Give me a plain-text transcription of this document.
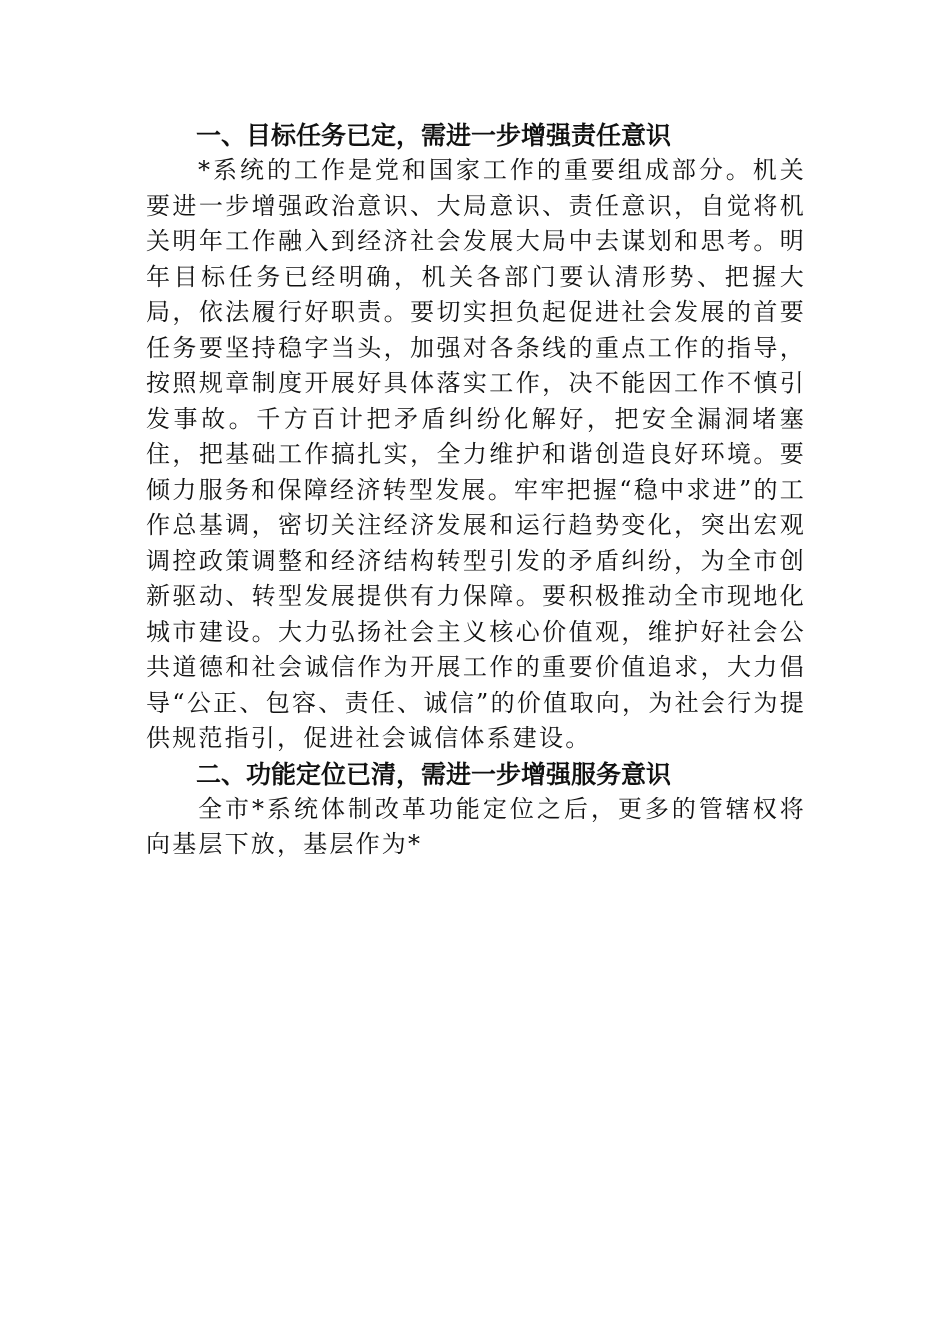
一、目标任务已定，需进一步增强责任意识

*系统的工作是党和国家工作的重要组成部分。机关要进一步增强政治意识、大局意识、责任意识，自觉将机关明年工作融入到经济社会发展大局中去谋划和思考。明年目标任务已经明确，机关各部门要认清形势、把握大局，依法履行好职责。要切实担负起促进社会发展的首要任务要坚持稳字当头，加强对各条线的重点工作的指导，按照规章制度开展好具体落实工作，决不能因工作不慎引发事故。千方百计把矛盾纠纷化解好，把安全漏洞堵塞住，把基础工作搞扎实，全力维护和谐创造良好环境。要倾力服务和保障经济转型发展。牢牢把握“稳中求进”的工作总基调，密切关注经济发展和运行趋势变化，突出宏观调控政策调整和经济结构转型引发的矛盾纠纷，为全市创新驱动、转型发展提供有力保障。要积极推动全市现地化城市建设。大力弘扬社会主义核心价值观，维护好社会公共道德和社会诚信作为开展工作的重要价值追求，大力倡导“公正、包容、责任、诚信”的价值取向，为社会行为提供规范指引，促进社会诚信体系建设。

二、功能定位已清，需进一步增强服务意识

全市*系统体制改革功能定位之后，更多的管辖权将向基层下放，基层作为*
